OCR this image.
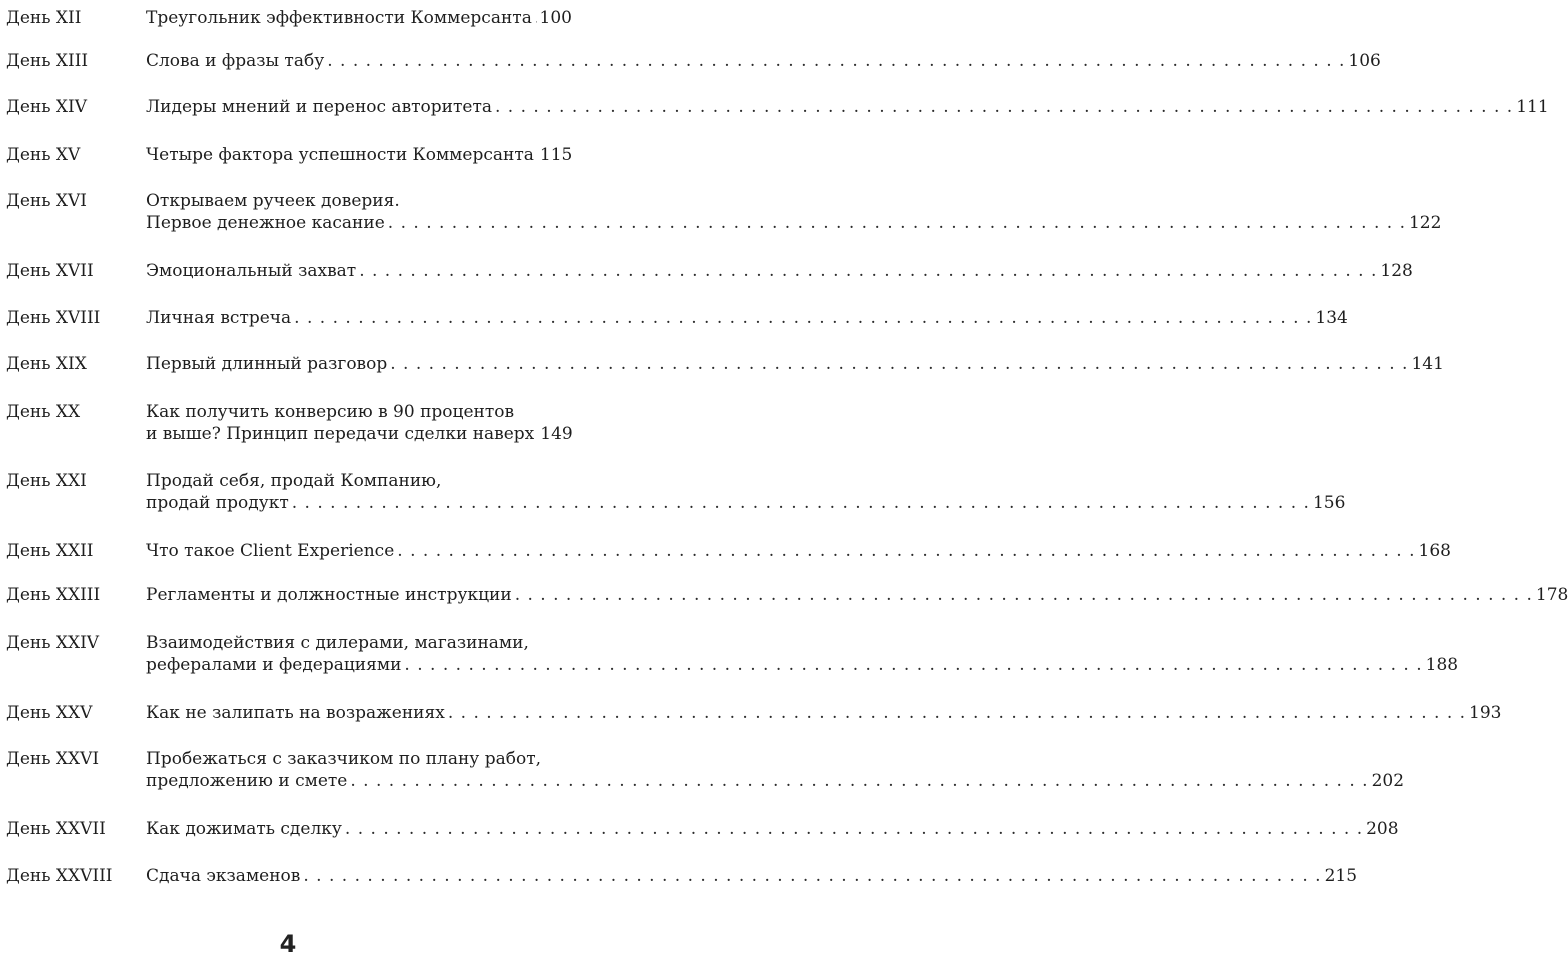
День XII	Треугольник эффективности Коммерсанта 100
День XIII	Слова и фразы табу . . . . . . . . . . . . . . . . . . . . . . . . . . . . . . . . . . . . . . . . . . . . . . . . . . . . . . . . . . . . . . . . . . . . . . . . . . . . . . . . 106
День XIV	Лидеры мнений и перенос авторитета . . . . . . . . . . . . . . . . . . . . . . . . . . . . . . . . . . . . . . . . . . . . . . . . . . . . . . . . . . . . . . . . . . . . . . . . . . . . . . . . 111
День XV	Четыре фактора успешности Коммерсанта 115
День XVI	Открываем ручеек доверия.
Первое денежное касание . . . . . . . . . . . . . . . . . . . . . . . . . . . . . . . . . . . . . . . . . . . . . . . . . . . . . . . . . . . . . . . . . . . . . . . . . . . . . . . . 122
День XVII	Эмоциональный захват . . . . . . . . . . . . . . . . . . . . . . . . . . . . . . . . . . . . . . . . . . . . . . . . . . . . . . . . . . . . . . . . . . . . . . . . . . . . . . . . 128
День XVIII	Личная встреча . . . . . . . . . . . . . . . . . . . . . . . . . . . . . . . . . . . . . . . . . . . . . . . . . . . . . . . . . . . . . . . . . . . . . . . . . . . . . . . . 134
День XIX	Первый длинный разговор . . . . . . . . . . . . . . . . . . . . . . . . . . . . . . . . . . . . . . . . . . . . . . . . . . . . . . . . . . . . . . . . . . . . . . . . . . . . . . . . 141
День XX	Как получить конверсию в 90 процентов
и выше? Принцип передачи сделки наверх 149
День XXI	Продай себя, продай Компанию,
продай продукт . . . . . . . . . . . . . . . . . . . . . . . . . . . . . . . . . . . . . . . . . . . . . . . . . . . . . . . . . . . . . . . . . . . . . . . . . . . . . . . . 156
День XXII	Что такое Client Experience . . . . . . . . . . . . . . . . . . . . . . . . . . . . . . . . . . . . . . . . . . . . . . . . . . . . . . . . . . . . . . . . . . . . . . . . . . . . . . . . 168
День XXIII	Регламенты и должностные инструкции . . . . . . . . . . . . . . . . . . . . . . . . . . . . . . . . . . . . . . . . . . . . . . . . . . . . . . . . . . . . . . . . . . . . . . . . . . . . . . . . 178
День XXIV	Взаимодействия с дилерами, магазинами,
рефералами и федерациями . . . . . . . . . . . . . . . . . . . . . . . . . . . . . . . . . . . . . . . . . . . . . . . . . . . . . . . . . . . . . . . . . . . . . . . . . . . . . . . . 188
День XXV	Как не залипать на возражениях . . . . . . . . . . . . . . . . . . . . . . . . . . . . . . . . . . . . . . . . . . . . . . . . . . . . . . . . . . . . . . . . . . . . . . . . . . . . . . . . 193
День XXVI	Пробежаться с заказчиком по плану работ,
предложению и смете . . . . . . . . . . . . . . . . . . . . . . . . . . . . . . . . . . . . . . . . . . . . . . . . . . . . . . . . . . . . . . . . . . . . . . . . . . . . . . . . 202
День XXVII Как дожимать сделку . . . . . . . . . . . . . . . . . . . . . . . . . . . . . . . . . . . . . . . . . . . . . . . . . . . . . . . . . . . . . . . . . . . . . . . . . . . . . . . . 208
День XXVIII Сдача экзаменов . . . . . . . . . . . . . . . . . . . . . . . . . . . . . . . . . . . . . . . . . . . . . . . . . . . . . . . . . . . . . . . . . . . . . . . . . . . . . . . . 215
4
